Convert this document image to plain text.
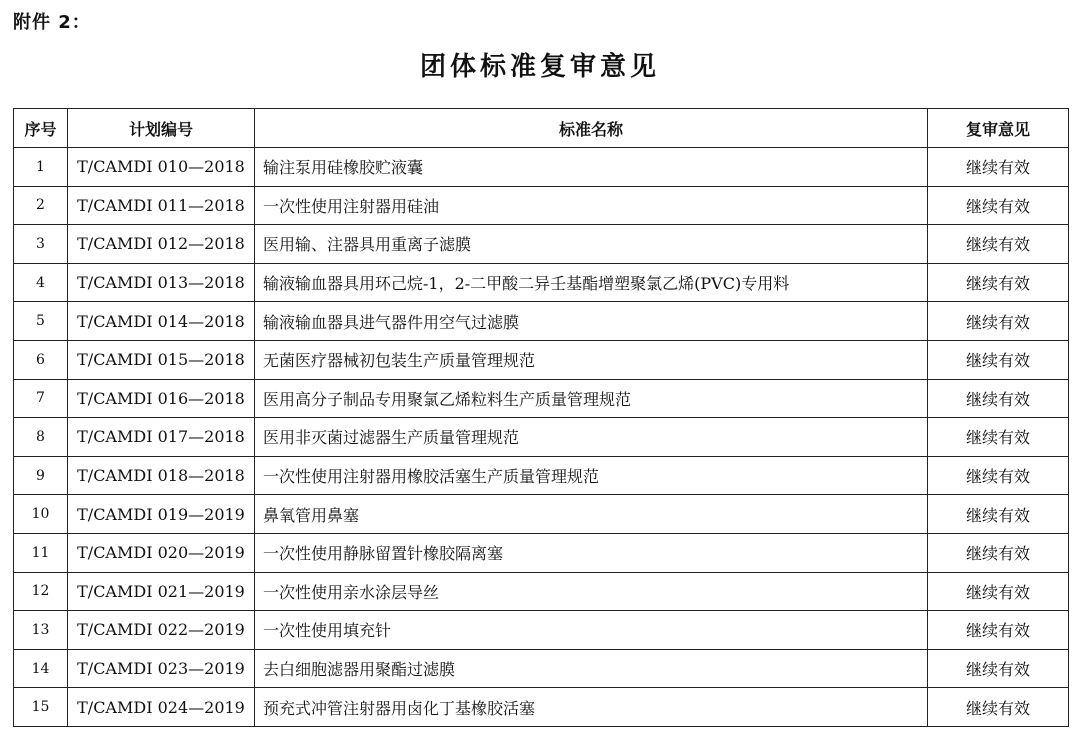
附件 2：
团体标准复审意见
序号	计划编号	标准名称	复审意见
1	T/CAMDI 010—2018	输注泵用硅橡胶贮液囊	继续有效
2	T/CAMDI 011—2018	一次性使用注射器用硅油	继续有效
3	T/CAMDI 012—2018	医用输、注器具用重离子滤膜	继续有效
4	T/CAMDI 013—2018	输液输血器具用环己烷-1，2-二甲酸二异壬基酯增塑聚氯乙烯(PVC)专用料	继续有效
5	T/CAMDI 014—2018	输液输血器具进气器件用空气过滤膜	继续有效
6	T/CAMDI 015—2018	无菌医疗器械初包装生产质量管理规范	继续有效
7	T/CAMDI 016—2018	医用高分子制品专用聚氯乙烯粒料生产质量管理规范	继续有效
8	T/CAMDI 017—2018	医用非灭菌过滤器生产质量管理规范	继续有效
9	T/CAMDI 018—2018	一次性使用注射器用橡胶活塞生产质量管理规范	继续有效
10	T/CAMDI 019—2019	鼻氧管用鼻塞	继续有效
11	T/CAMDI 020—2019	一次性使用静脉留置针橡胶隔离塞	继续有效
12	T/CAMDI 021—2019	一次性使用亲水涂层导丝	继续有效
13	T/CAMDI 022—2019	一次性使用填充针	继续有效
14	T/CAMDI 023—2019	去白细胞滤器用聚酯过滤膜	继续有效
15	T/CAMDI 024—2019	预充式冲管注射器用卤化丁基橡胶活塞	继续有效
